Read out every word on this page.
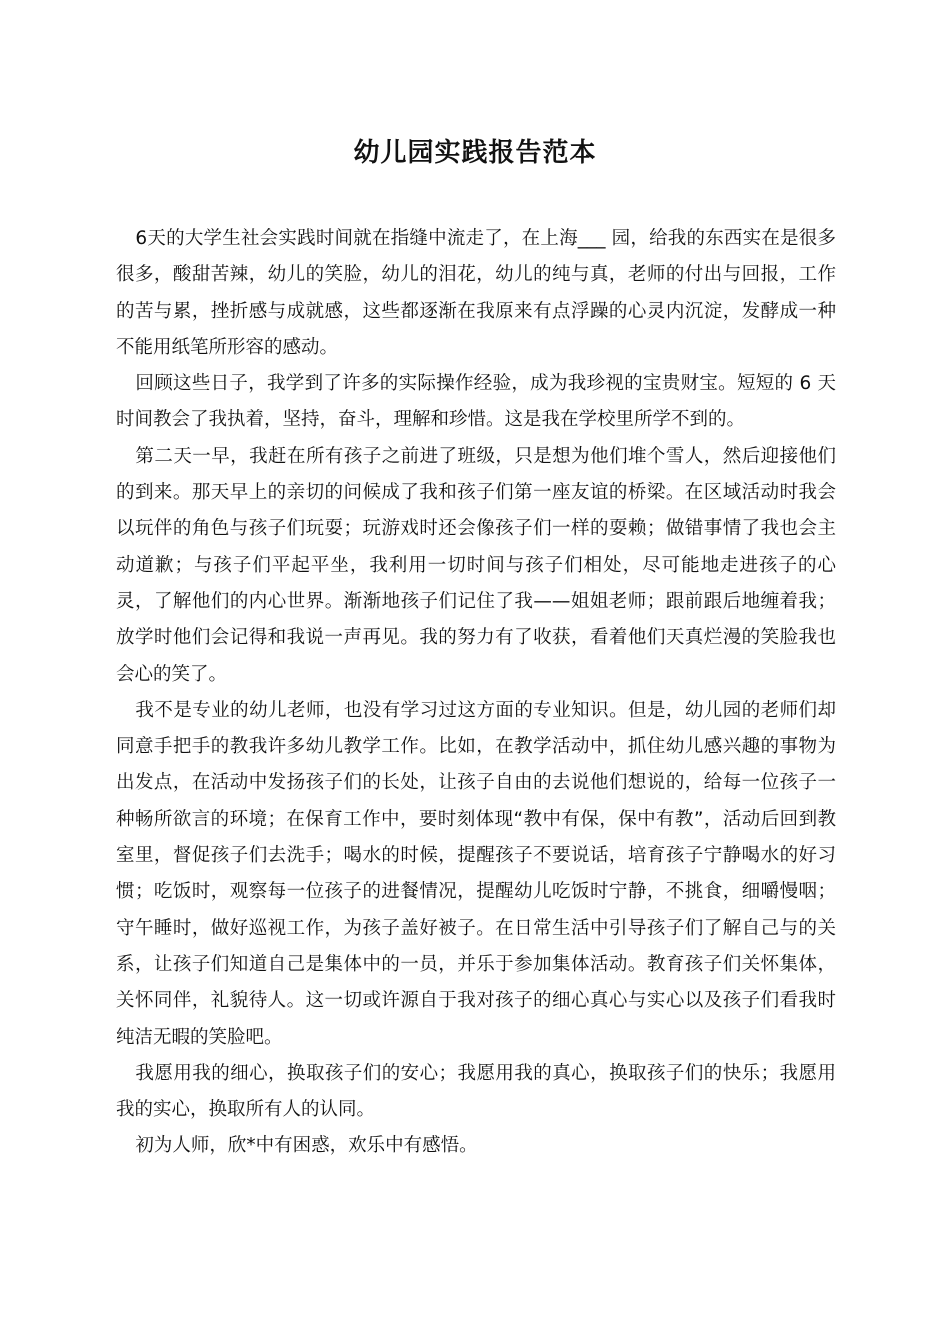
幼儿园实践报告范本

6天的大学生社会实践时间就在指缝中流走了，在上海___ 园，给我的东西实在是很多很多，酸甜苦辣，幼儿的笑脸，幼儿的泪花，幼儿的纯与真，老师的付出与回报，工作的苦与累，挫折感与成就感，这些都逐渐在我原来有点浮躁的心灵内沉淀，发酵成一种不能用纸笔所形容的感动。

回顾这些日子，我学到了许多的实际操作经验，成为我珍视的宝贵财宝。短短的 6 天时间教会了我执着，坚持，奋斗，理解和珍惜。这是我在学校里所学不到的。

第二天一早，我赶在所有孩子之前进了班级，只是想为他们堆个雪人，然后迎接他们的到来。那天早上的亲切的问候成了我和孩子们第一座友谊的桥梁。在区域活动时我会以玩伴的角色与孩子们玩耍；玩游戏时还会像孩子们一样的耍赖；做错事情了我也会主动道歉；与孩子们平起平坐，我利用一切时间与孩子们相处，尽可能地走进孩子的心灵，了解他们的内心世界。渐渐地孩子们记住了我——姐姐老师；跟前跟后地缠着我；放学时他们会记得和我说一声再见。我的努力有了收获，看着他们天真烂漫的笑脸我也会心的笑了。

我不是专业的幼儿老师，也没有学习过这方面的专业知识。但是，幼儿园的老师们却同意手把手的教我许多幼儿教学工作。比如，在教学活动中，抓住幼儿感兴趣的事物为出发点，在活动中发扬孩子们的长处，让孩子自由的去说他们想说的，给每一位孩子一种畅所欲言的环境；在保育工作中，要时刻体现“教中有保，保中有教”，活动后回到教室里，督促孩子们去洗手；喝水的时候，提醒孩子不要说话，培育孩子宁静喝水的好习惯；吃饭时，观察每一位孩子的进餐情况，提醒幼儿吃饭时宁静，不挑食，细嚼慢咽；守午睡时，做好巡视工作，为孩子盖好被子。在日常生活中引导孩子们了解自己与的关系，让孩子们知道自己是集体中的一员，并乐于参加集体活动。教育孩子们关怀集体，关怀同伴，礼貌待人。这一切或许源自于我对孩子的细心真心与实心以及孩子们看我时纯洁无暇的笑脸吧。

我愿用我的细心，换取孩子们的安心；我愿用我的真心，换取孩子们的快乐；我愿用我的实心，换取所有人的认同。

初为人师，欣*中有困惑，欢乐中有感悟。
